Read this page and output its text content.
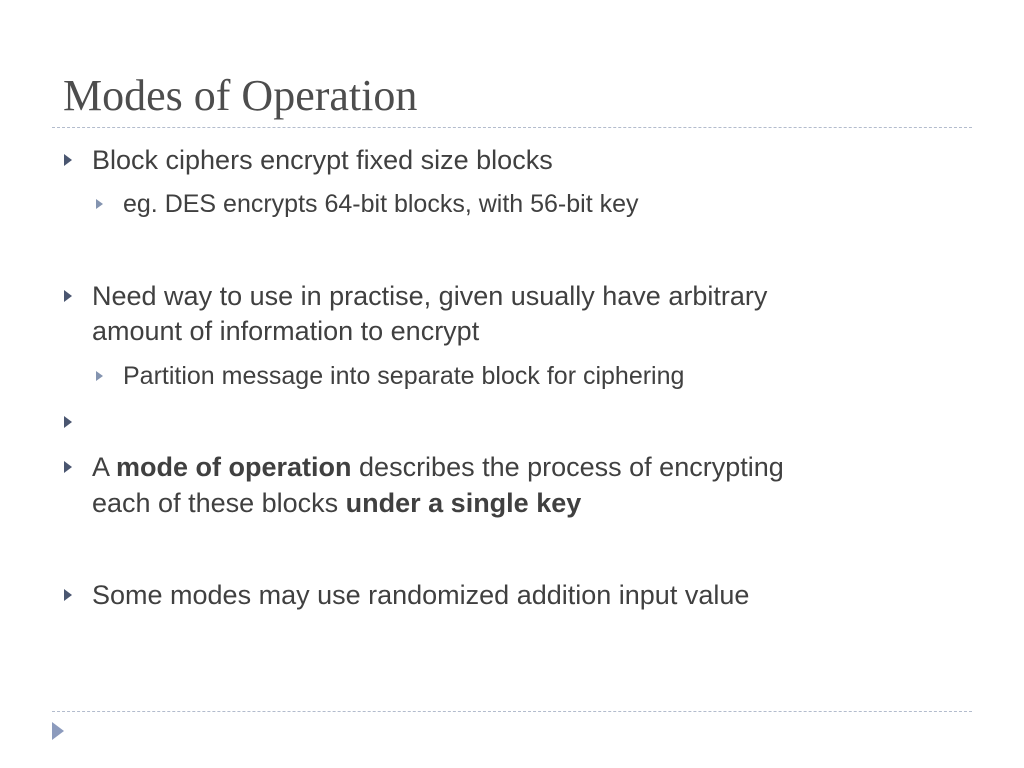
Modes of Operation
Block ciphers encrypt fixed size blocks
eg. DES encrypts 64-bit blocks, with 56-bit key
Need way to use in practise, given usually have arbitrary
amount of information to encrypt
Partition message into separate block for ciphering
A mode of operation describes the process of encrypting
each of these blocks under a single key
Some modes may use randomized addition input value
